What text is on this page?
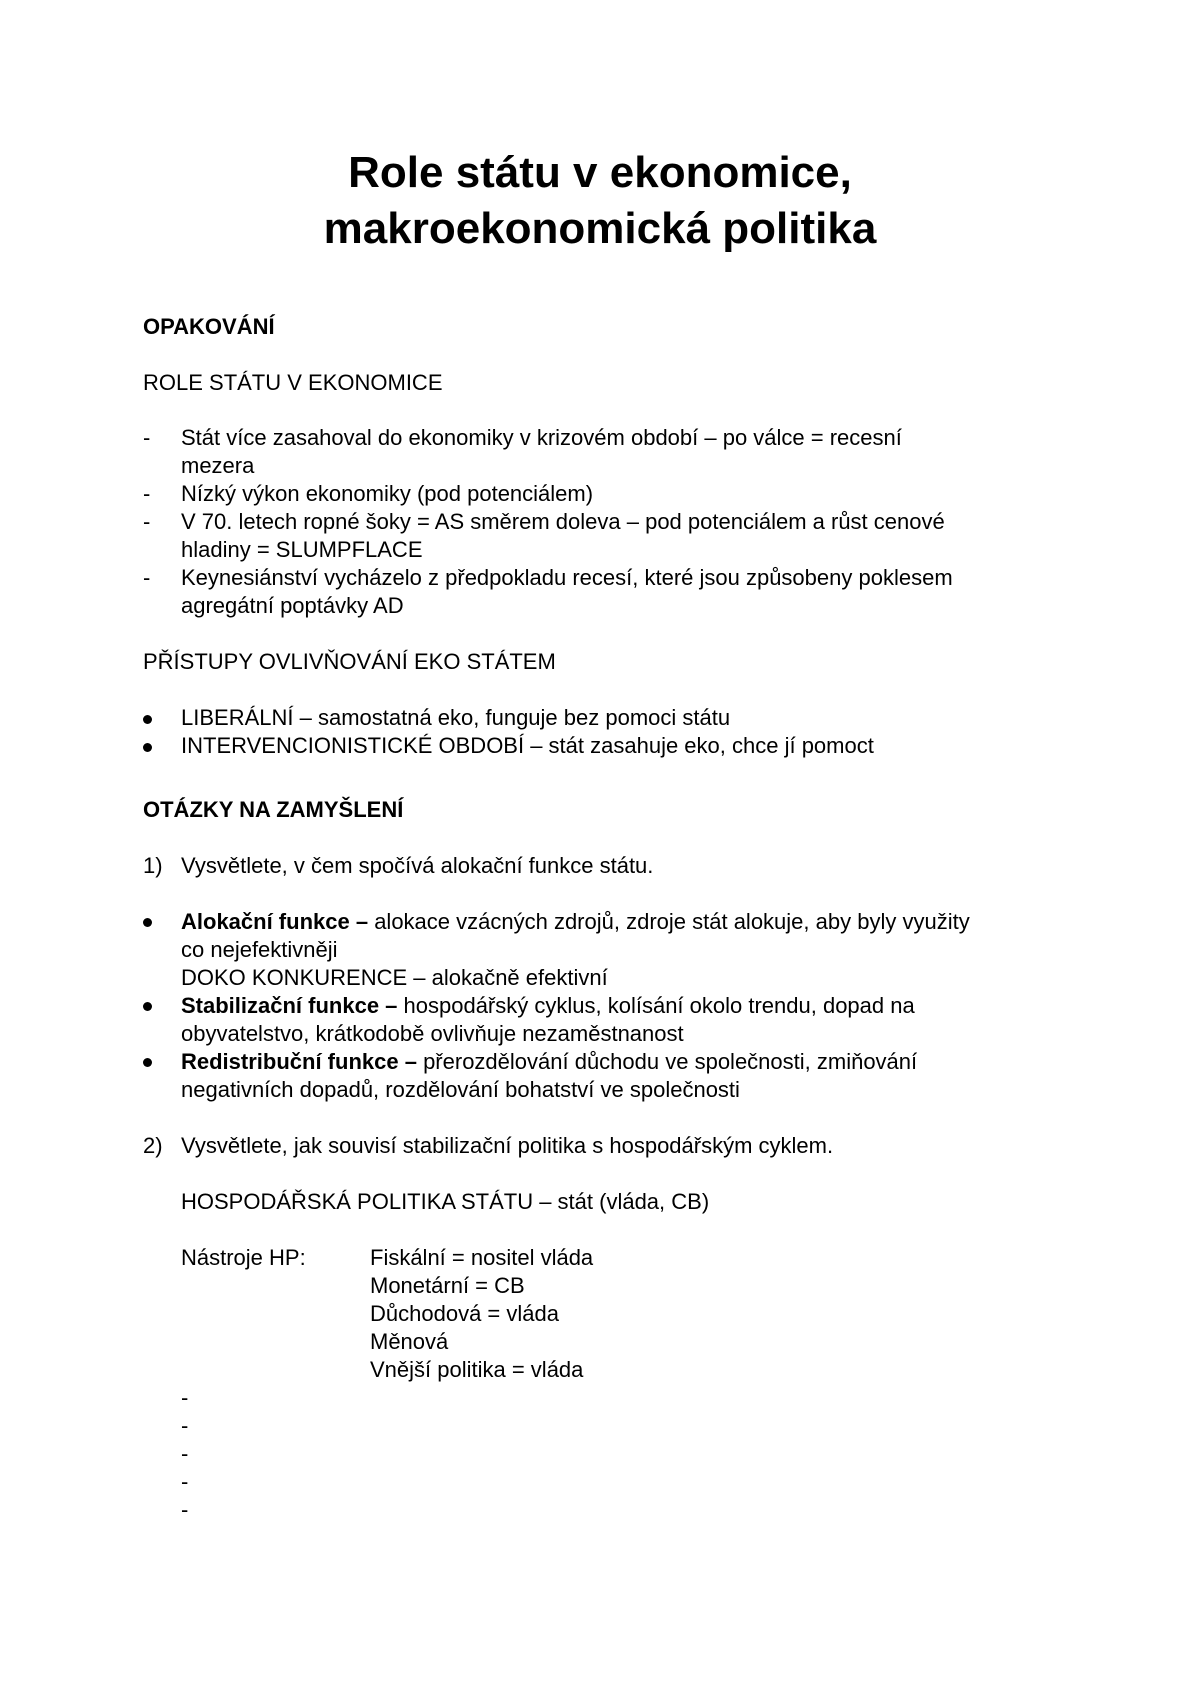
Role státu v ekonomice,
makroekonomická politika
OPAKOVÁNÍ
ROLE STÁTU V EKONOMICE
- Stát více zasahoval do ekonomiky v krizovém období – po válce = recesní
mezera
- Nízký výkon ekonomiky (pod potenciálem)
- V 70. letech ropné šoky = AS směrem doleva – pod potenciálem a růst cenové
hladiny = SLUMPFLACE
- Keynesiánství vycházelo z předpokladu recesí, které jsou způsobeny poklesem
agregátní poptávky AD
PŘÍSTUPY OVLIVŇOVÁNÍ EKO STÁTEM
LIBERÁLNÍ – samostatná eko, funguje bez pomoci státu
INTERVENCIONISTICKÉ OBDOBÍ – stát zasahuje eko, chce jí pomoct
OTÁZKY NA ZAMYŠLENÍ
1) Vysvětlete, v čem spočívá alokační funkce státu.
Alokační funkce – alokace vzácných zdrojů, zdroje stát alokuje, aby byly využity
co nejefektivněji
DOKO KONKURENCE – alokačně efektivní
Stabilizační funkce – hospodářský cyklus, kolísání okolo trendu, dopad na
obyvatelstvo, krátkodobě ovlivňuje nezaměstnanost
Redistribuční funkce – přerozdělování důchodu ve společnosti, zmiňování
negativních dopadů, rozdělování bohatství ve společnosti
2) Vysvětlete, jak souvisí stabilizační politika s hospodářským cyklem.
HOSPODÁŘSKÁ POLITIKA STÁTU – stát (vláda, CB)
Nástroje HP:	Fiskální = nositel vláda
Monetární = CB
Důchodová = vláda
Měnová
Vnější politika = vláda
-
-
-
-
-
